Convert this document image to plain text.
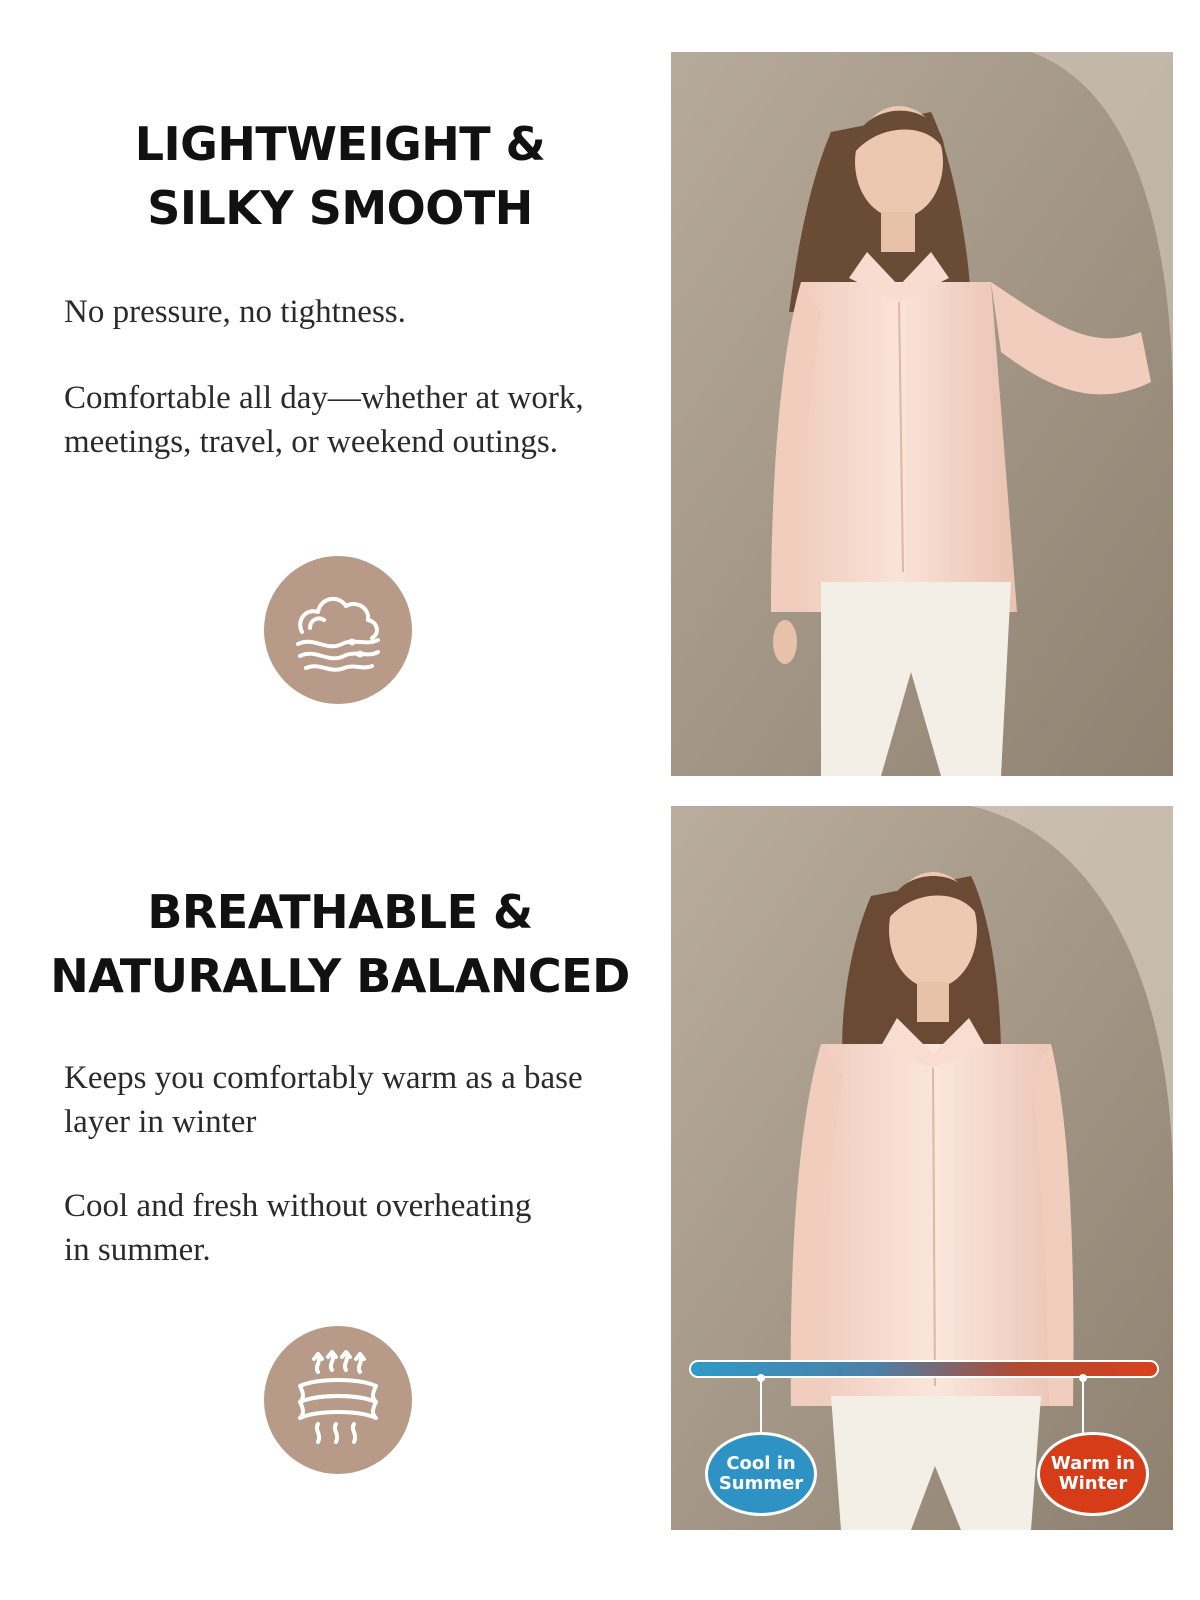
LIGHTWEIGHT &
SILKY SMOOTH

No pressure, no tightness.

Comfortable all day—whether at work,
meetings, travel, or weekend outings.

BREATHABLE &
NATURALLY BALANCED

Keeps you comfortably warm as a base
layer in winter

Cool and fresh without overheating
in summer.

Cool in
Summer
Warm in
Winter
